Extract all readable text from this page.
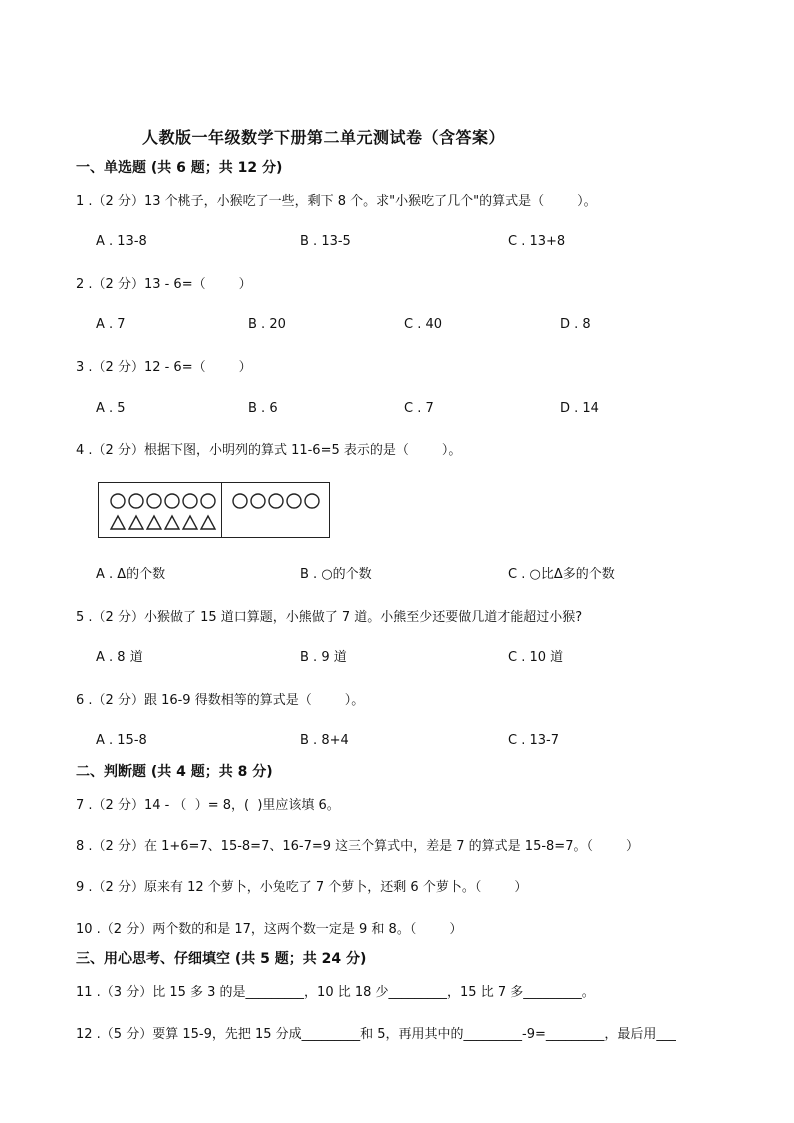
人教版一年级数学下册第二单元测试卷（含答案）
一、单选题 (共 6 题；共 12 分)
1 .（2 分）13 个桃子，小猴吃了一些，剩下 8 个。求"小猴吃了几个"的算式是（        ）。
A . 13-8	B . 13-5	C . 13+8
2 .（2 分）13 - 6=（        ）
A . 7	B . 20	C . 40	D . 8
3 .（2 分）12 - 6=（        ）
A . 5	B . 6	C . 7	D . 14
4 .（2 分）根据下图，小明列的算式 11-6=5 表示的是（        ）。
A . Δ的个数	B . ○的个数	C . ○比Δ多的个数
5 .（2 分）小猴做了 15 道口算题，小熊做了 7 道。小熊至少还要做几道才能超过小猴?
A . 8 道	B . 9 道	C . 10 道
6 .（2 分）跟 16-9 得数相等的算式是（        ）。
A . 15-8	B . 8+4	C . 13-7
二、判断题 (共 4 题；共 8 分)
7 .（2 分）14 - （  ）= 8，(  )里应该填 6。
8 .（2 分）在 1+6=7、15-8=7、16-7=9 这三个算式中，差是 7 的算式是 15-8=7。（        ）
9 .（2 分）原来有 12 个萝卜，小兔吃了 7 个萝卜，还剩 6 个萝卜。（        ）
10 .（2 分）两个数的和是 17，这两个数一定是 9 和 8。（        ）
三、用心思考、仔细填空 (共 5 题；共 24 分)
11 .（3 分）比 15 多 3 的是_________，10 比 18 少_________，15 比 7 多_________。
12 .（5 分）要算 15-9，先把 15 分成_________和 5，再用其中的_________-9=_________，最后用___
